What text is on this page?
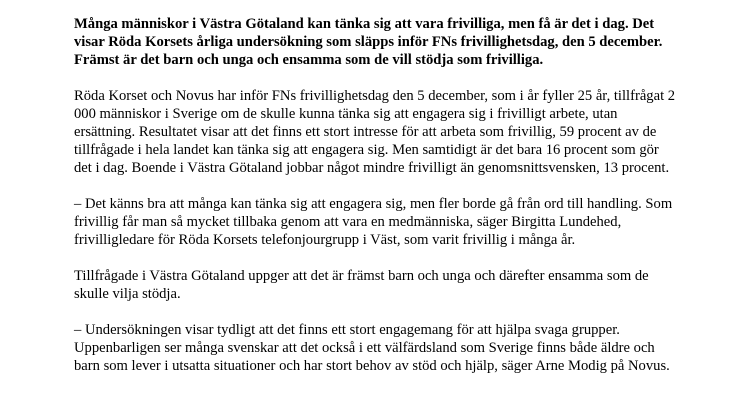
Många människor i Västra Götaland kan tänka sig att vara frivilliga, men få är det i dag. Det visar Röda Korsets årliga undersökning som släpps inför FNs frivillighetsdag, den 5 december. Främst är det barn och unga och ensamma som de vill stödja som frivilliga.

Röda Korset och Novus har inför FNs frivillighetsdag den 5 december, som i år fyller 25 år, tillfrågat 2 000 människor i Sverige om de skulle kunna tänka sig att engagera sig i frivilligt arbete, utan ersättning. Resultatet visar att det finns ett stort intresse för att arbeta som frivillig, 59 procent av de tillfrågade i hela landet kan tänka sig att engagera sig. Men samtidigt är det bara 16 procent som gör det i dag. Boende i Västra Götaland jobbar något mindre frivilligt än genomsnittsvensken, 13 procent.

– Det känns bra att många kan tänka sig att engagera sig, men fler borde gå från ord till handling. Som frivillig får man så mycket tillbaka genom att vara en medmänniska, säger Birgitta Lundehed, frivilligledare för Röda Korsets telefonjourgrupp i Väst, som varit frivillig i många år.

Tillfrågade i Västra Götaland uppger att det är främst barn och unga och därefter ensamma som de skulle vilja stödja.

– Undersökningen visar tydligt att det finns ett stort engagemang för att hjälpa svaga grupper. Uppenbarligen ser många svenskar att det också i ett välfärdsland som Sverige finns både äldre och barn som lever i utsatta situationer och har stort behov av stöd och hjälp, säger Arne Modig på Novus.
